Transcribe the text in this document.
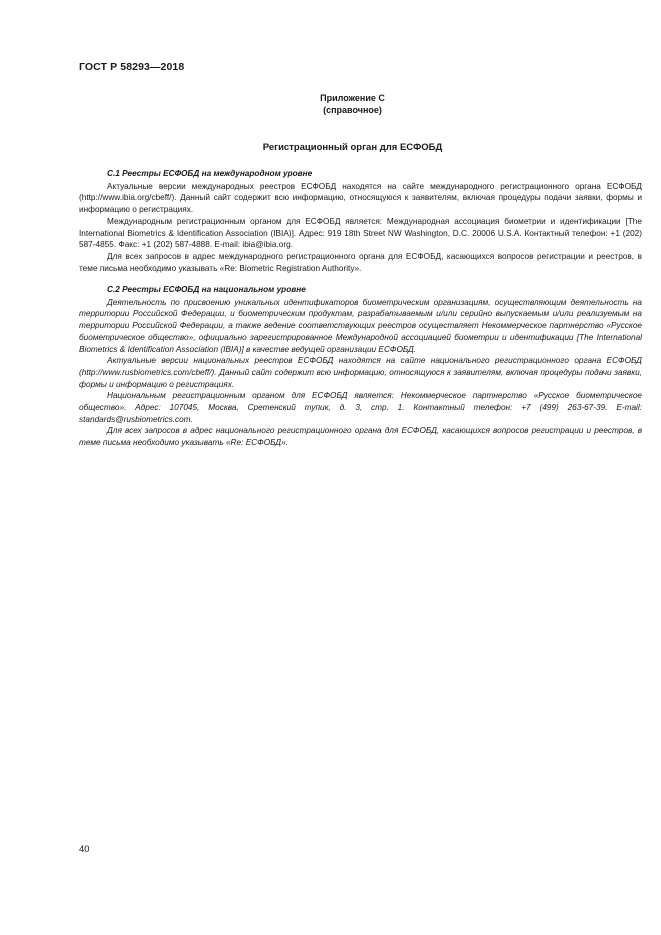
ГОСТ Р 58293—2018
Приложение С
(справочное)
Регистрационный орган для ЕСФОБД

С.1 Реестры ЕСФОБД на международном уровне

Актуальные версии международных реестров ЕСФОБД находятся на сайте международного регистрационного органа ЕСФОБД (http://www.ibia.org/cbeff/). Данный сайт содержит всю информацию, относящуюся к заявителям, включая процедуры подачи заявки, формы и информацию о регистрациях.

Международным регистрационным органом для ЕСФОБД является: Международная ассоциация биометрии и идентификации [The International Biometrics & Identification Association (IBIA)]. Адрес: 919 18th Street NW Washington, D.C. 20006 U.S.A. Контактный телефон: +1 (202) 587-4855. Факс: +1 (202) 587-4888. E-mail: ibia@ibia.org.

Для всех запросов в адрес международного регистрационного органа для ЕСФОБД, касающихся вопросов регистрации и реестров, в теме письма необходимо указывать «Re: Biometric Registration Authority».

С.2 Реестры ЕСФОБД на национальном уровне

Деятельность по присвоению уникальных идентификаторов биометрическим организациям, осуществляющим деятельность на территории Российской Федерации, и биометрическим продуктам, разрабатываемым и/или серийно выпускаемым и/или реализуемым на территории Российской Федерации, а также ведение соответствующих реестров осуществляет Некоммерческое партнерство «Русское биометрическое общество», официально зарегистрированное Международной ассоциацией биометрии и идентификации [The International Biometrics & Identification Association (IBIA)] в качестве ведущей организации ЕСФОБД.

Актуальные версии национальных реестров ЕСФОБД находятся на сайте национального регистрационного органа ЕСФОБД (http://www.rusbiometrics.com/cbeff/). Данный сайт содержит всю информацию, относящуюся к заявителям, включая процедуры подачи заявки, формы и информацию о регистрациях.

Национальным регистрационным органом для ЕСФОБД является: Некоммерческое партнерство «Русское биометрическое общество». Адрес: 107045, Москва, Сретенский тупик, д. 3, стр. 1. Контактный телефон: +7 (499) 263-67-39. E-mail: standards@rusbiometrics.com.

Для всех запросов в адрес национального регистрационного органа для ЕСФОБД, касающихся вопросов регистрации и реестров, в теме письма необходимо указывать «Re: ЕСФОБД».

40
